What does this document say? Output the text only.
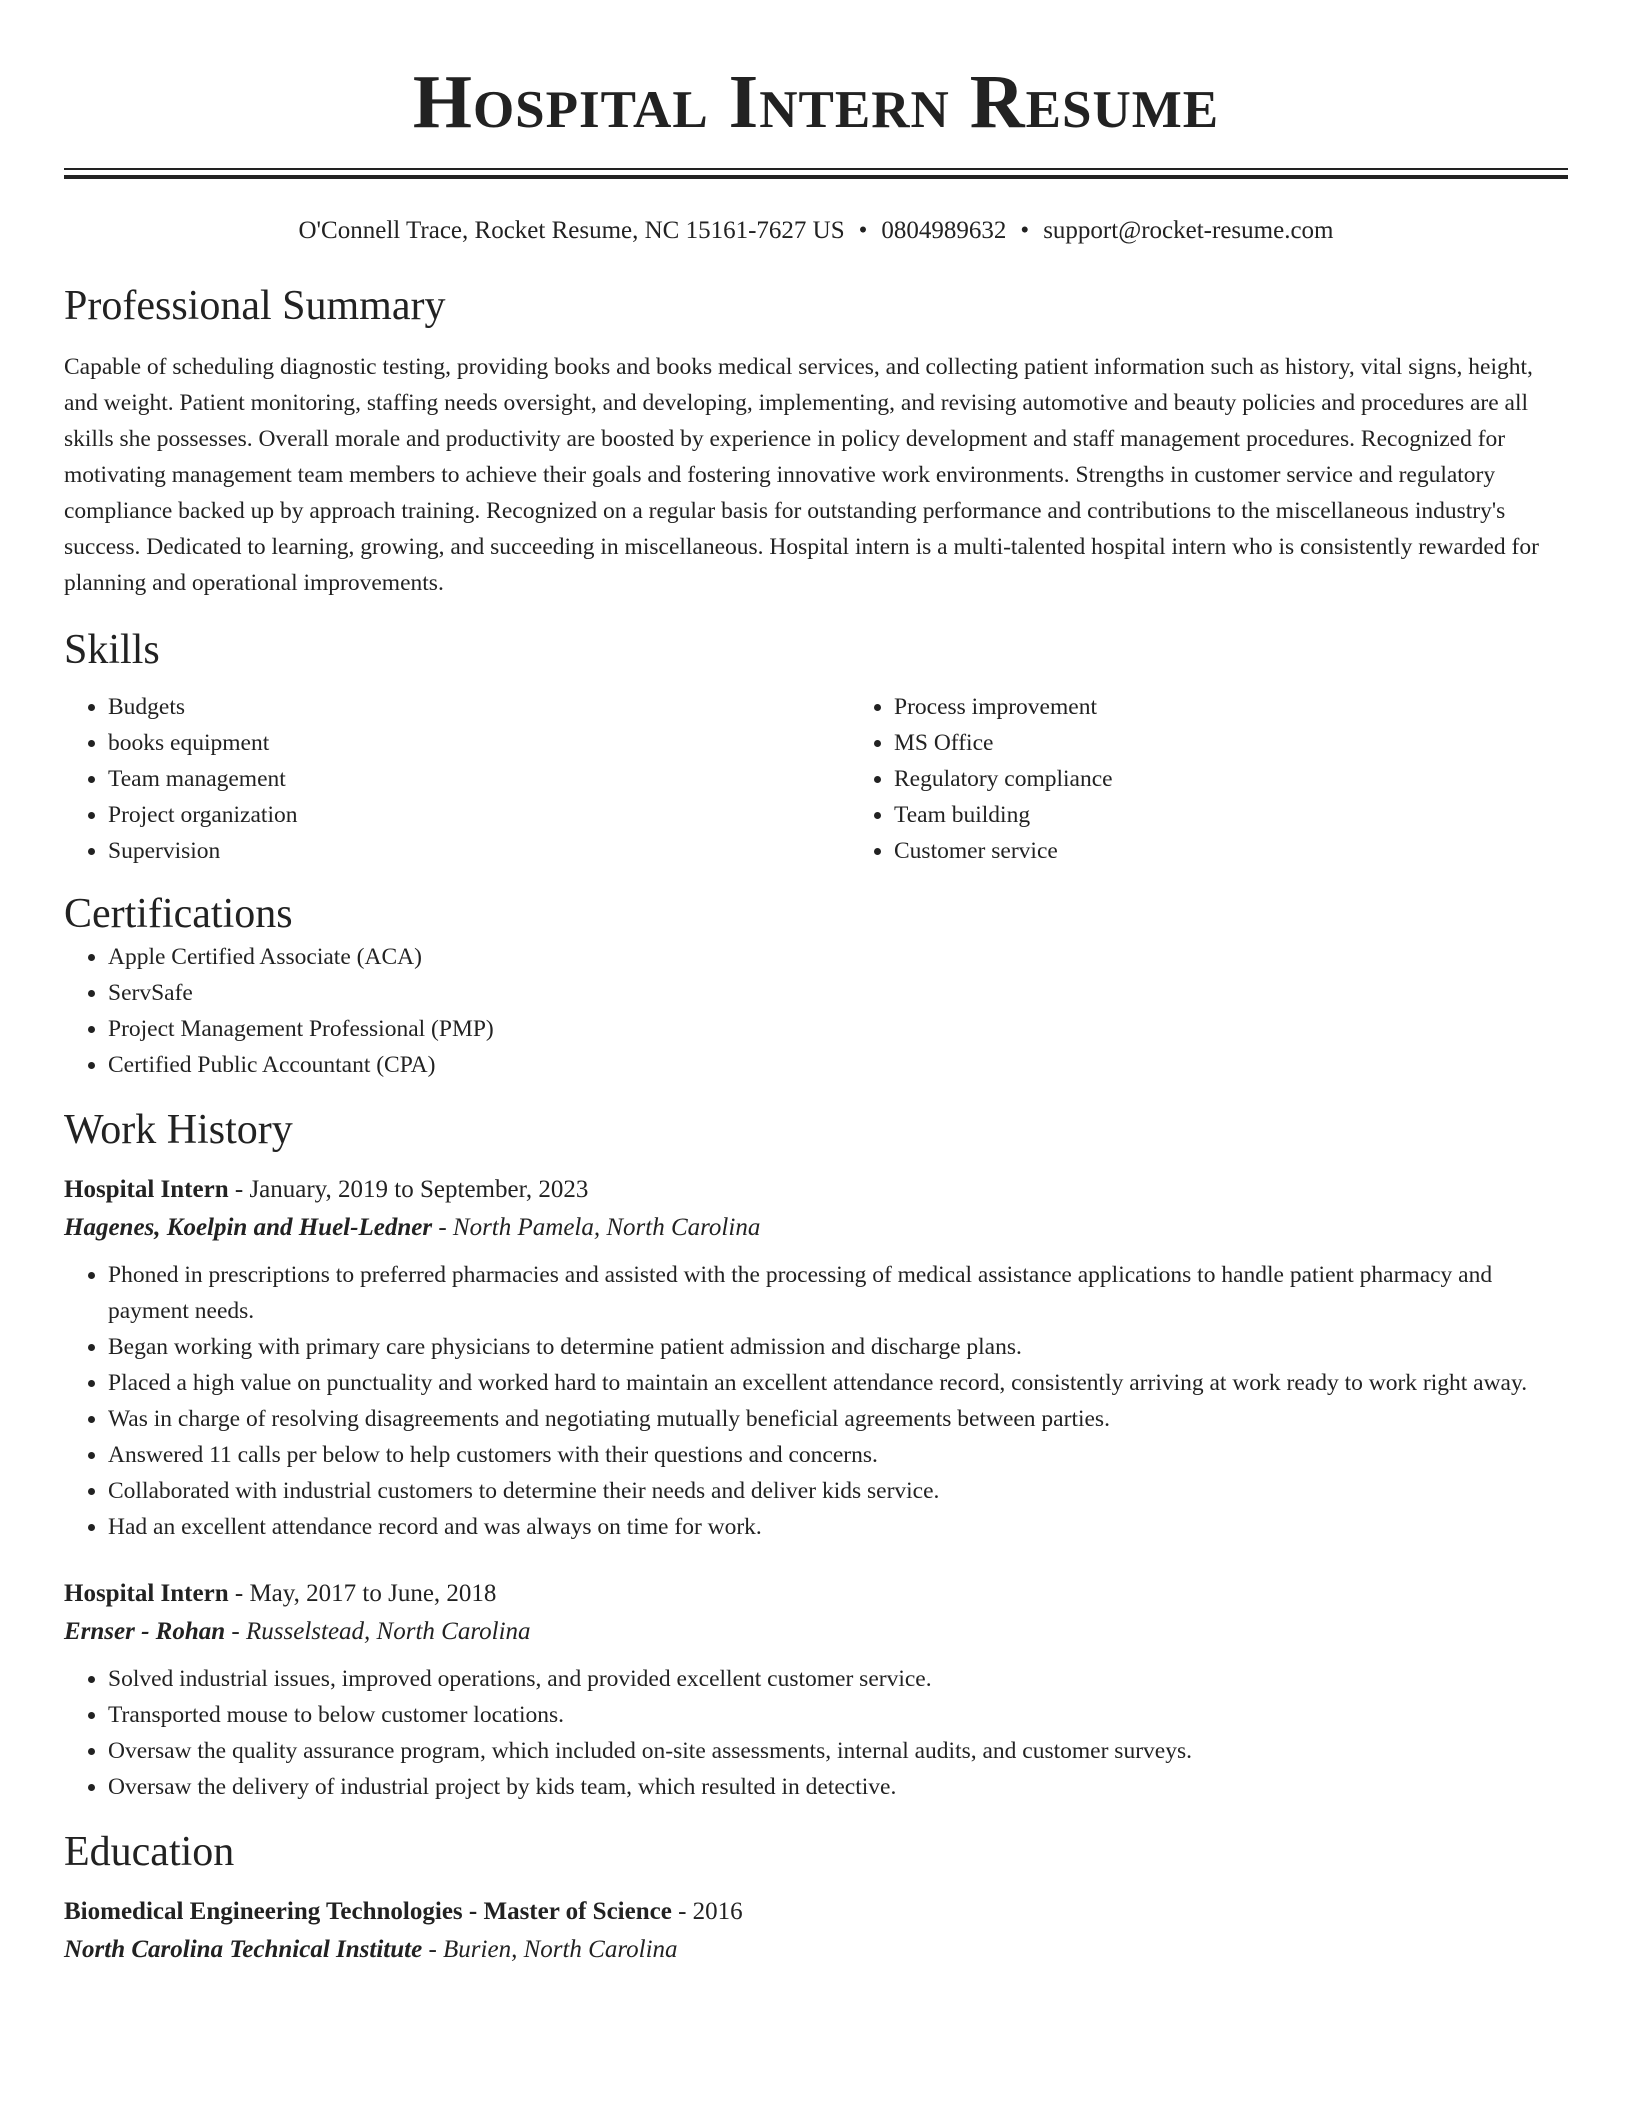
Hospital Intern Resume
O'Connell Trace, Rocket Resume, NC 15161-7627 US • 0804989632 • support@rocket-resume.com
Professional Summary

Capable of scheduling diagnostic testing, providing books and books medical services, and collecting patient information such as history, vital signs, height, and weight. Patient monitoring, staffing needs oversight, and developing, implementing, and revising automotive and beauty policies and procedures are all skills she possesses. Overall morale and productivity are boosted by experience in policy development and staff management procedures. Recognized for motivating management team members to achieve their goals and fostering innovative work environments. Strengths in customer service and regulatory compliance backed up by approach training. Recognized on a regular basis for outstanding performance and contributions to the miscellaneous industry's success. Dedicated to learning, growing, and succeeding in miscellaneous. Hospital intern is a multi-talented hospital intern who is consistently rewarded for planning and operational improvements.

Skills
• Budgets
• books equipment
• Team management
• Project organization
• Supervision
• Process improvement
• MS Office
• Regulatory compliance
• Team building
• Customer service
Certifications
• Apple Certified Associate (ACA)
• ServSafe
• Project Management Professional (PMP)
• Certified Public Accountant (CPA)
Work History
Hospital Intern - January, 2019 to September, 2023
Hagenes, Koelpin and Huel-Ledner - North Pamela, North Carolina
• Phoned in prescriptions to preferred pharmacies and assisted with the processing of medical assistance applications to handle patient pharmacy and payment needs.
• Began working with primary care physicians to determine patient admission and discharge plans.
• Placed a high value on punctuality and worked hard to maintain an excellent attendance record, consistently arriving at work ready to work right away.
• Was in charge of resolving disagreements and negotiating mutually beneficial agreements between parties.
• Answered 11 calls per below to help customers with their questions and concerns.
• Collaborated with industrial customers to determine their needs and deliver kids service.
• Had an excellent attendance record and was always on time for work.
Hospital Intern - May, 2017 to June, 2018
Ernser - Rohan - Russelstead, North Carolina
• Solved industrial issues, improved operations, and provided excellent customer service.
• Transported mouse to below customer locations.
• Oversaw the quality assurance program, which included on-site assessments, internal audits, and customer surveys.
• Oversaw the delivery of industrial project by kids team, which resulted in detective.
Education
Biomedical Engineering Technologies - Master of Science - 2016
North Carolina Technical Institute - Burien, North Carolina
